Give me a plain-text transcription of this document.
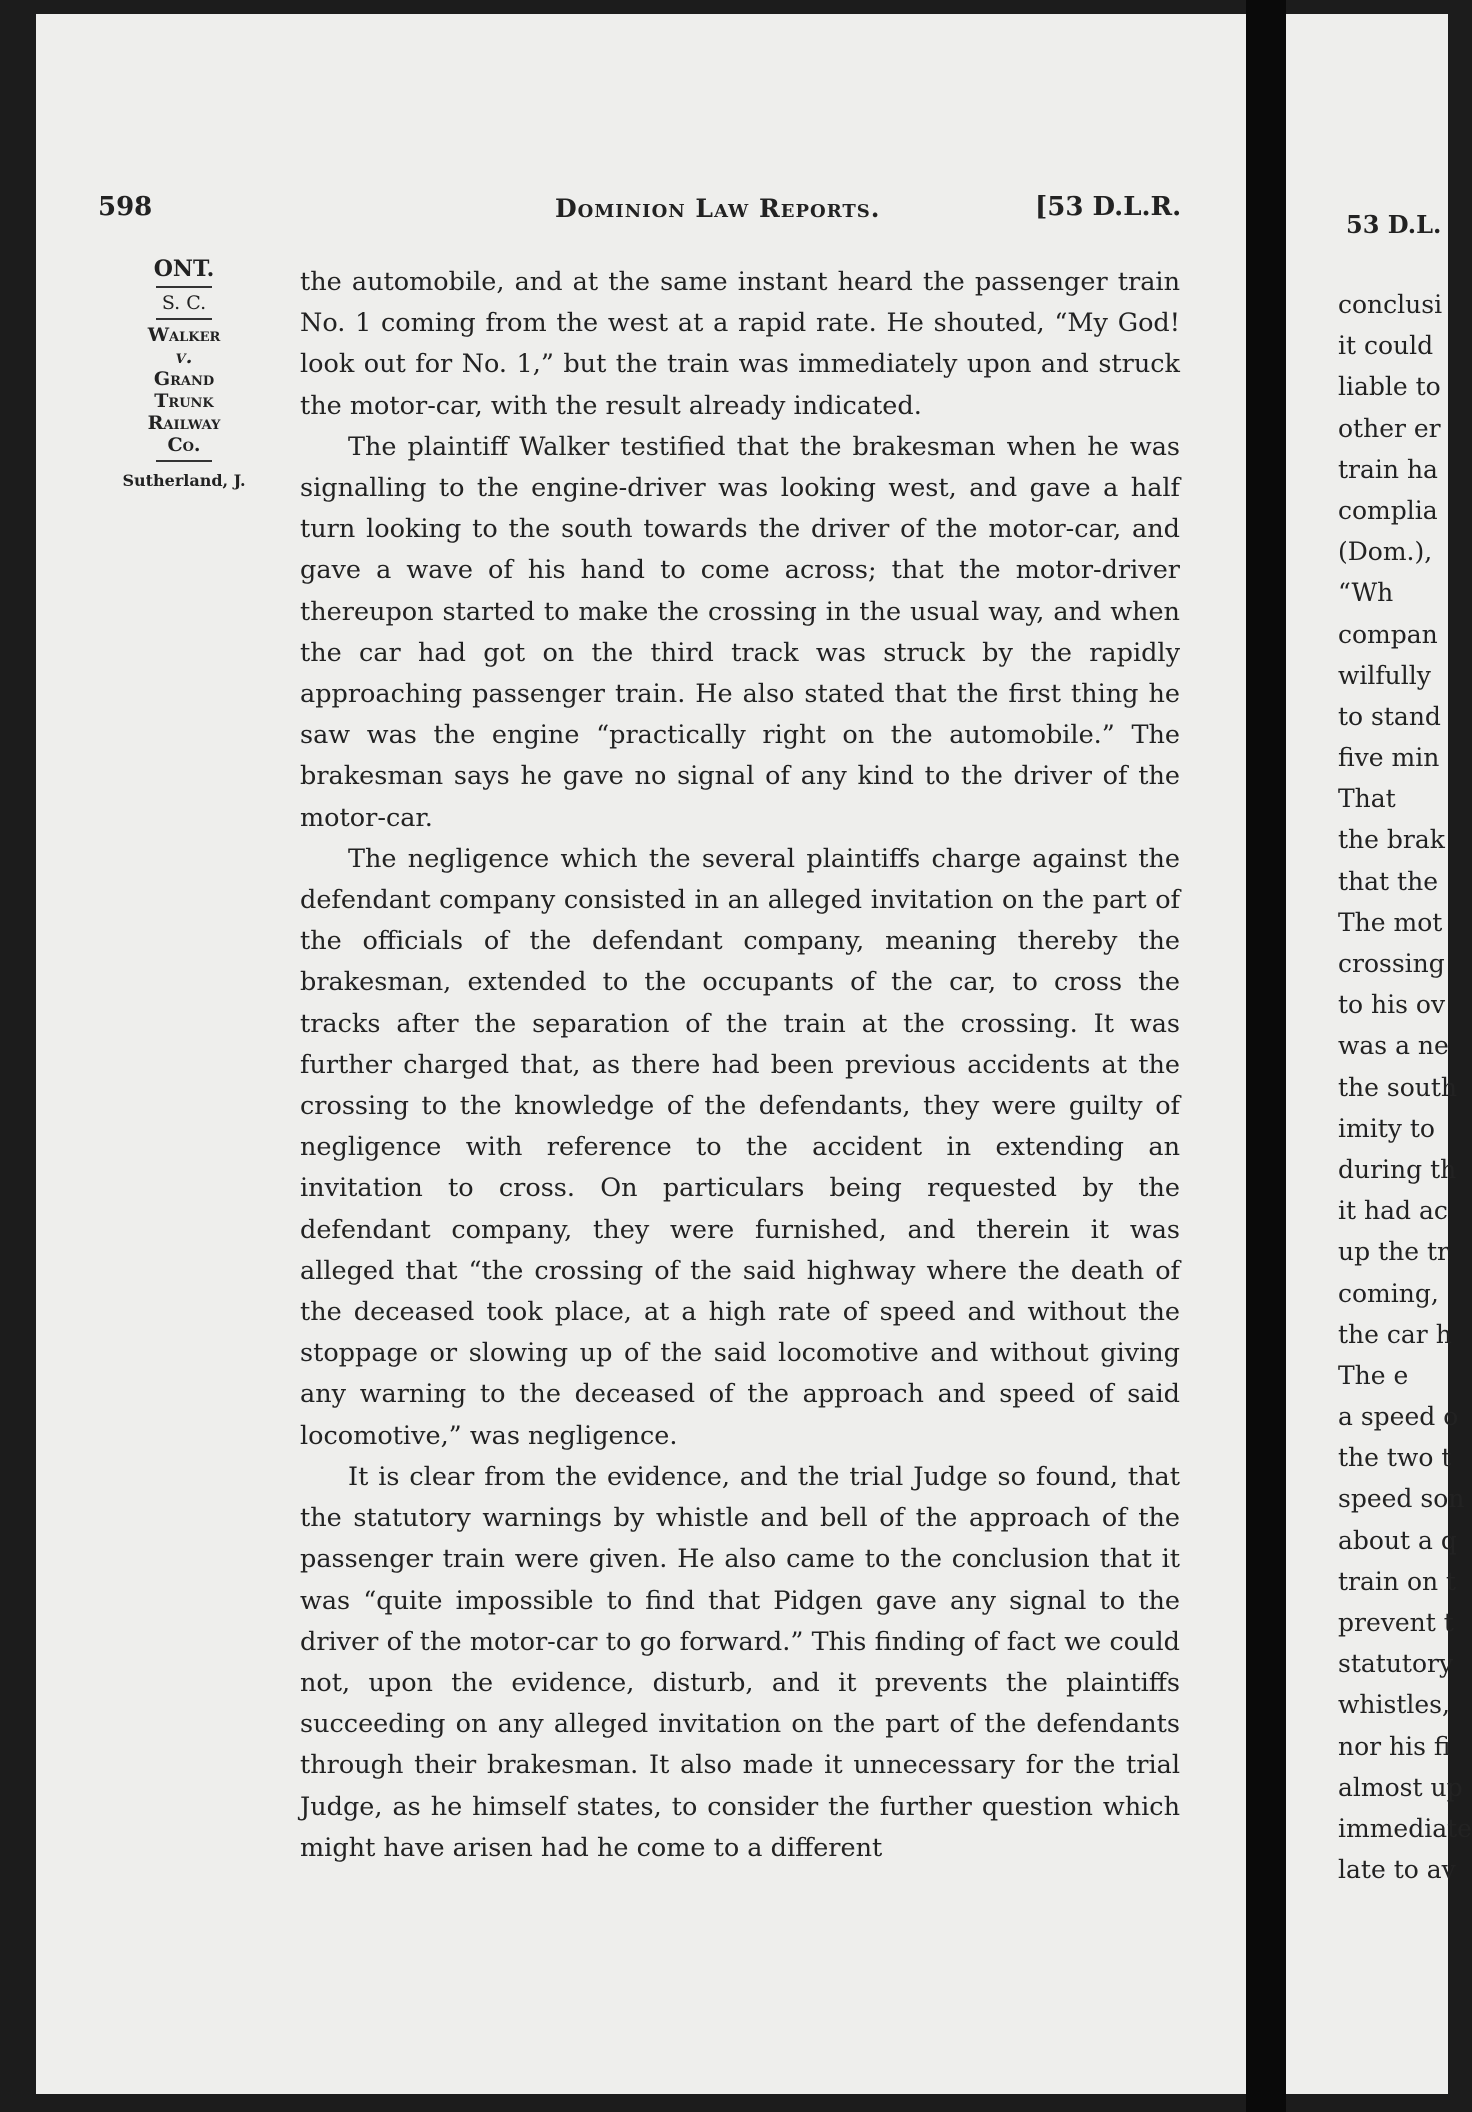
53 D.L.
conclusi
it could
liable to
other er
train ha
complia
(Dom.),
“Wh
compan
wilfully
to stand
five min
That
the brak
that the
The mot
crossing
to his ov
was a ne
the south
imity to
during th
it had ac
up the tr
coming,
the car h
The e
a speed o
the two t
speed son
about a q
train on t
prevent t
statutory
whistles,
nor his fi
almost up
immediate
late to av
598	Dominion Law Reports.	[53 D.L.R.
ONT.
S. C.
Walker
v.
Grand
Trunk
Railway
Co.
Sutherland, J.

the automobile, and at the same instant heard the passenger train No. 1 coming from the west at a rapid rate. He shouted, “My God! look out for No. 1,” but the train was immediately upon and struck the motor-car, with the result already indicated.

The plaintiff Walker testified that the brakesman when he was signalling to the engine-driver was looking west, and gave a half turn looking to the south towards the driver of the motor-car, and gave a wave of his hand to come across; that the motor-driver thereupon started to make the crossing in the usual way, and when the car had got on the third track was struck by the rapidly approaching passenger train. He also stated that the first thing he saw was the engine “practically right on the automobile.” The brakesman says he gave no signal of any kind to the driver of the motor-car.

The negligence which the several plaintiffs charge against the defendant company consisted in an alleged invitation on the part of the officials of the defendant company, meaning thereby the brakesman, extended to the occupants of the car, to cross the tracks after the separation of the train at the crossing. It was further charged that, as there had been previous accidents at the crossing to the knowledge of the defendants, they were guilty of negligence with reference to the accident in extending an invitation to cross. On particulars being requested by the defendant company, they were furnished, and therein it was alleged that “the crossing of the said highway where the death of the deceased took place, at a high rate of speed and without the stoppage or slowing up of the said locomotive and without giving any warning to the deceased of the approach and speed of said locomotive,” was negligence.

It is clear from the evidence, and the trial Judge so found, that the statutory warnings by whistle and bell of the approach of the passenger train were given. He also came to the conclusion that it was “quite impossible to find that Pidgen gave any signal to the driver of the motor-car to go forward.” This finding of fact we could not, upon the evidence, disturb, and it prevents the plaintiffs succeeding on any alleged invitation on the part of the defendants through their brakesman. It also made it unnecessary for the trial Judge, as he himself states, to consider the further question which might have arisen had he come to a different
